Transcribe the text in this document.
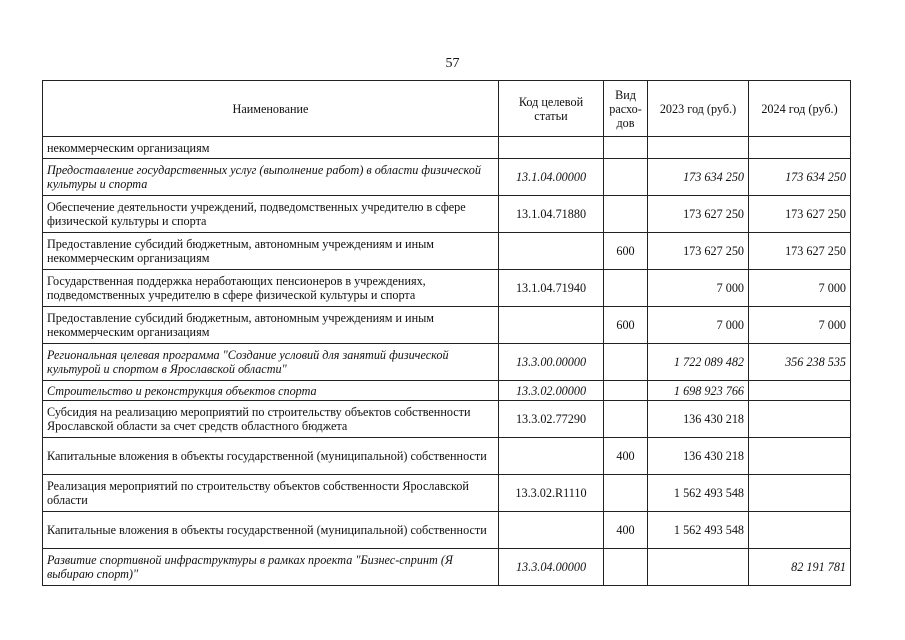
57
Наименование	Код целевой статьи	Вид расхо-дов	2023 год (руб.)	2024 год (руб.)
некоммерческим организациям				
Предоставление государственных услуг (выполнение работ) в области физической культуры и спорта	13.1.04.00000		173 634 250	173 634 250
Обеспечение деятельности учреждений, подведомственных учредителю в сфере физической культуры и спорта	13.1.04.71880		173 627 250	173 627 250
Предоставление субсидий бюджетным, автономным учреждениям и иным некоммерческим организациям		600	173 627 250	173 627 250
Государственная поддержка неработающих пенсионеров в учреждениях, подведомственных учредителю в сфере физической культуры и спорта	13.1.04.71940		7 000	7 000
Предоставление субсидий бюджетным, автономным учреждениям и иным некоммерческим организациям		600	7 000	7 000
Региональная целевая программа "Создание условий для занятий физической культурой и спортом в Ярославской области"	13.3.00.00000		1 722 089 482	356 238 535
Строительство и реконструкция объектов спорта	13.3.02.00000		1 698 923 766	
Субсидия на реализацию мероприятий по строительству объектов собственности Ярославской области за счет средств областного бюджета	13.3.02.77290		136 430 218	
Капитальные вложения в объекты государственной (муниципальной) собственности		400	136 430 218	
Реализация мероприятий по строительству объектов собственности Ярославской области	13.3.02.R1110		1 562 493 548	
Капитальные вложения в объекты государственной (муниципальной) собственности		400	1 562 493 548	
Развитие спортивной инфраструктуры в рамках проекта "Бизнес-спринт (Я выбираю спорт)"	13.3.04.00000			82 191 781
